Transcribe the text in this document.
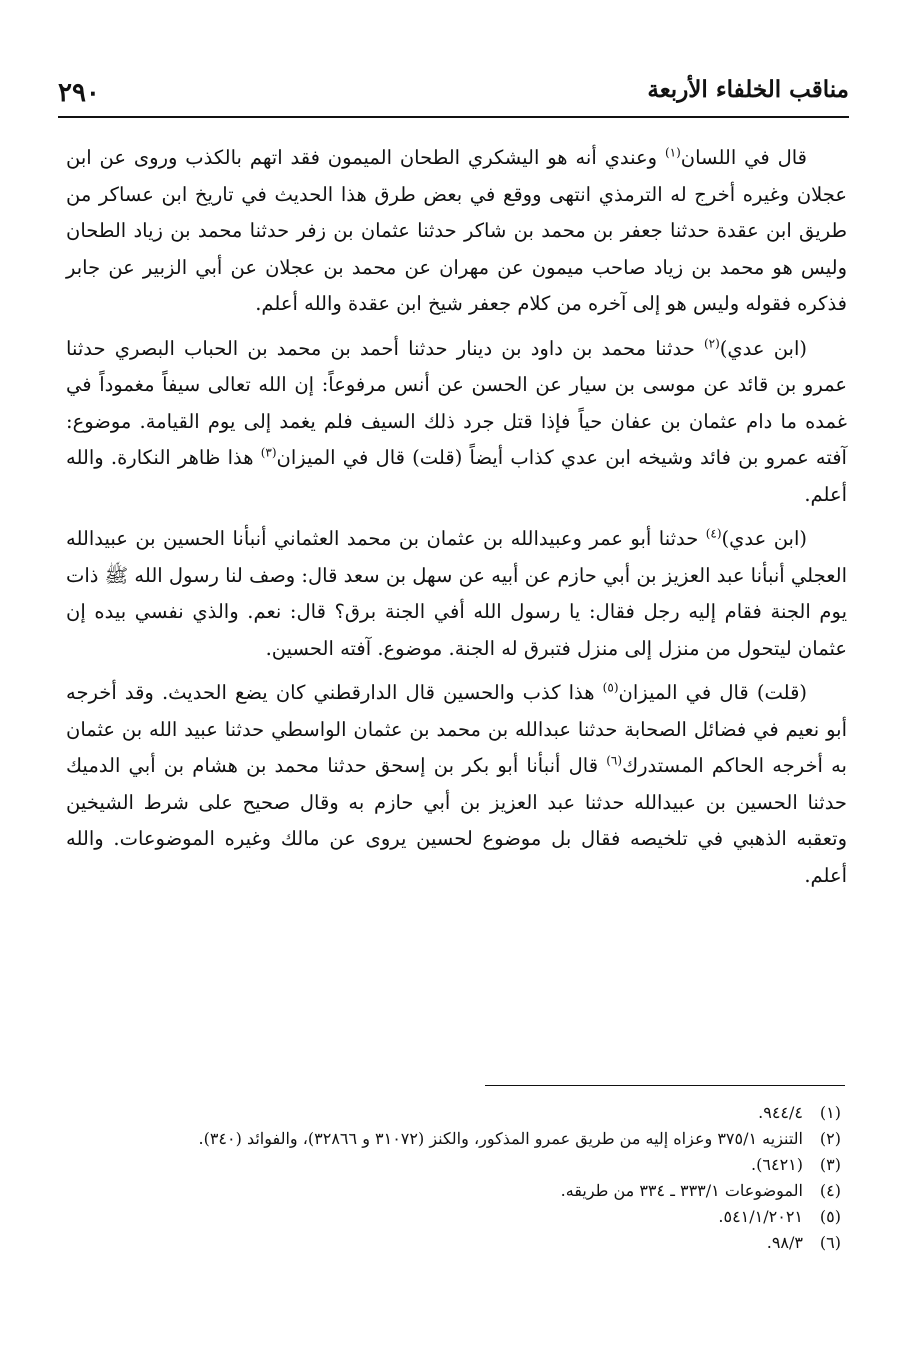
مناقب الخلفاء الأربعة
٢٩٠

قال في اللسان$^{(١)}$ وعندي أنه هو اليشكري الطحان الميمون فقد اتهم بالكذب وروى عن ابن عجلان وغيره أخرج له الترمذي انتهى ووقع في بعض طرق هذا الحديث في تاريخ ابن عساكر من طريق ابن عقدة حدثنا جعفر بن محمد بن شاكر حدثنا عثمان بن زفر حدثنا محمد بن زياد الطحان وليس هو محمد بن زياد صاحب ميمون عن مهران عن محمد بن عجلان عن أبي الزبير عن جابر فذكره فقوله وليس هو إلى آخره من كلام جعفر شيخ ابن عقدة والله أعلم.

(ابن عدي)$^{(٢)}$ حدثنا محمد بن داود بن دينار حدثنا أحمد بن محمد بن الحباب البصري حدثنا عمرو بن قائد عن موسى بن سيار عن الحسن عن أنس مرفوعاً: إن الله تعالى سيفاً مغموداً في غمده ما دام عثمان بن عفان حياً فإذا قتل جرد ذلك السيف فلم يغمد إلى يوم القيامة. موضوع: آفته عمرو بن فائد وشيخه ابن عدي كذاب أيضاً (قلت) قال في الميزان$^{(٣)}$ هذا ظاهر النكارة. والله أعلم.

(ابن عدي)$^{(٤)}$ حدثنا أبو عمر وعبيدالله بن عثمان بن محمد العثماني أنبأنا الحسين بن عبيدالله العجلي أنبأنا عبد العزيز بن أبي حازم عن أبيه عن سهل بن سعد قال: وصف لنا رسول الله ﷺ ذات يوم الجنة فقام إليه رجل فقال: يا رسول الله أفي الجنة برق؟ قال: نعم. والذي نفسي بيده إن عثمان ليتحول من منزل إلى منزل فتبرق له الجنة. موضوع. آفته الحسين.

(قلت) قال في الميزان$^{(٥)}$ هذا كذب والحسين قال الدارقطني كان يضع الحديث. وقد أخرجه أبو نعيم في فضائل الصحابة حدثنا عبدالله بن محمد بن عثمان الواسطي حدثنا عبيد الله بن عثمان به أخرجه الحاكم المستدرك$^{(٦)}$ قال أنبأنا أبو بكر بن إسحق حدثنا محمد بن هشام بن أبي الدميك حدثنا الحسين بن عبيدالله حدثنا عبد العزيز بن أبي حازم به وقال صحيح على شرط الشيخين وتعقبه الذهبي في تلخيصه فقال بل موضوع لحسين يروى عن مالك وغيره الموضوعات. والله أعلم.

(١)
٩٤٤/٤.
(٢)
التنزيه ٣٧٥/١ وعزاه إليه من طريق عمرو المذكور، والكنز (٣١٠٧٢ و ٣٢٨٦٦)، والفوائد (٣٤٠).
(٣)
(٦٤٢١).
(٤)
الموضوعات ٣٣٣/١ ـ ٣٣٤ من طريقه.
(٥)
٥٤١/١/٢٠٢١.
(٦)
٩٨/٣.
